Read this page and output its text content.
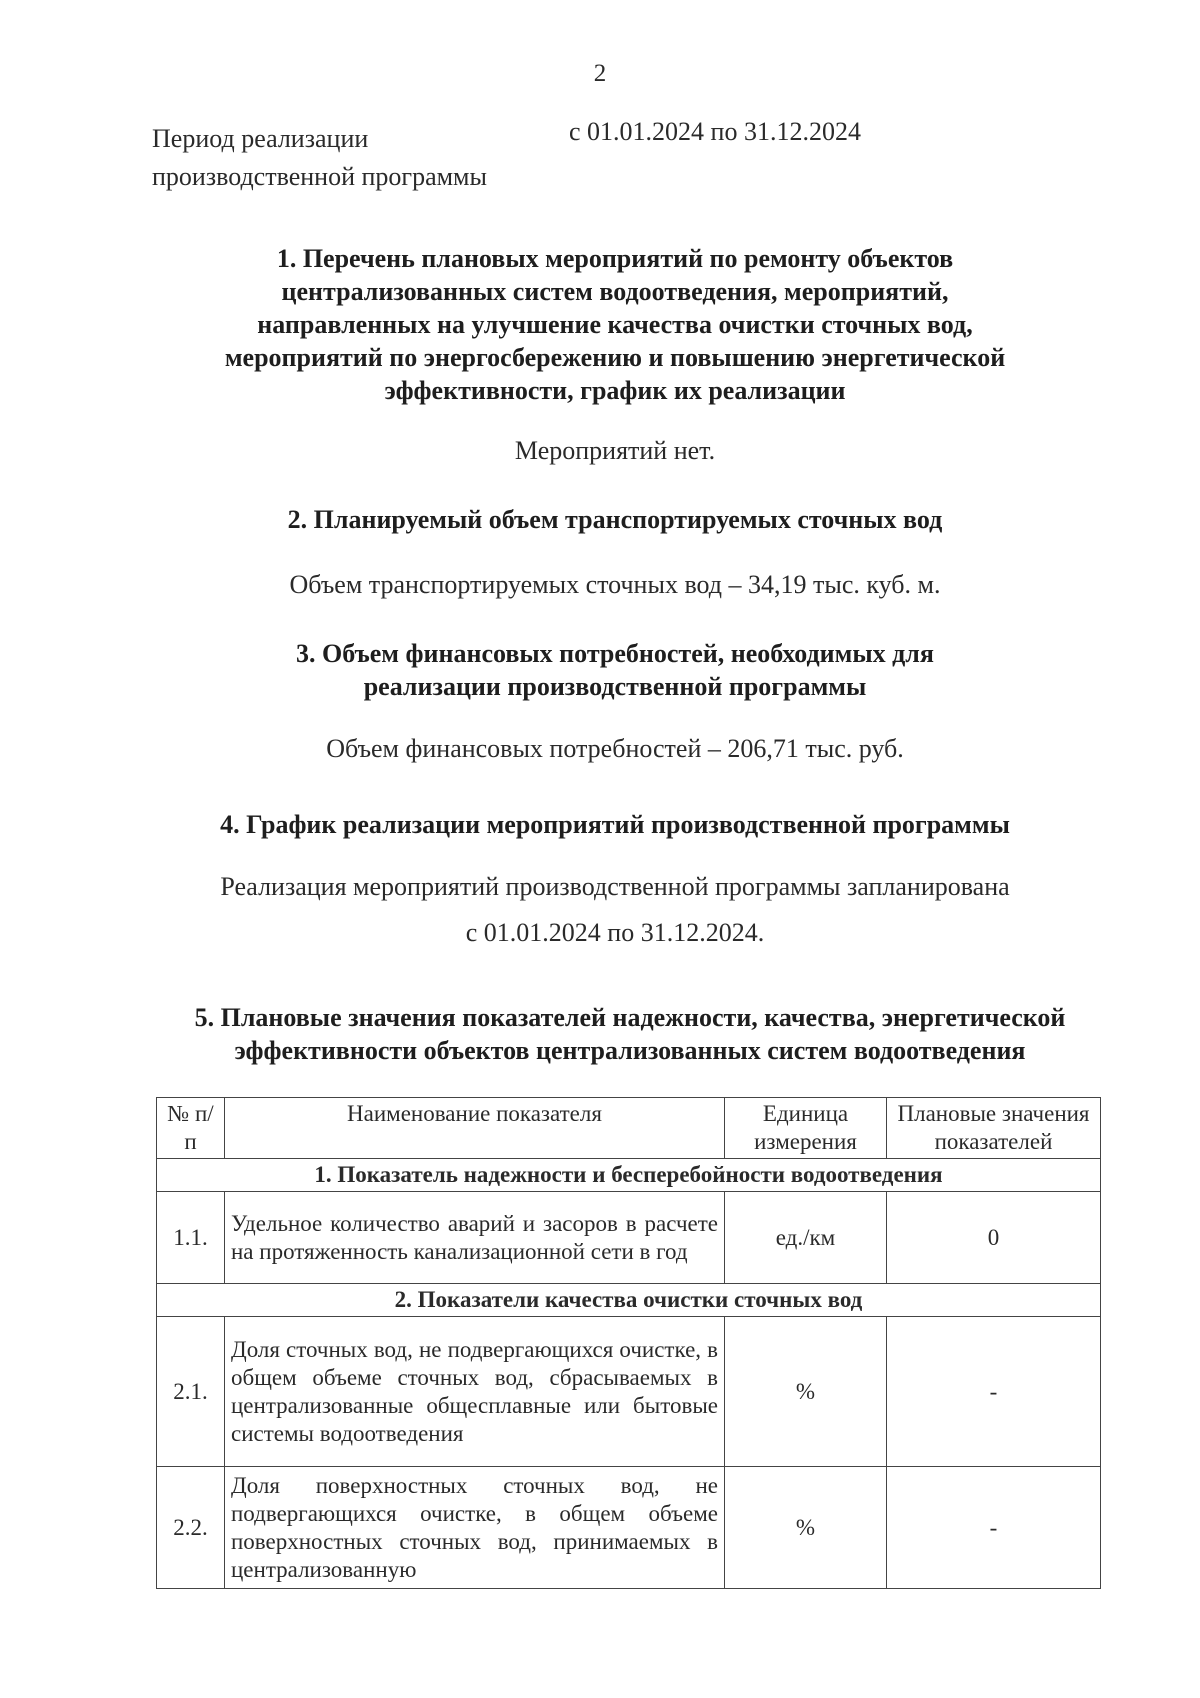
2
Период реализации
производственной программы
с 01.01.2024 по 31.12.2024
1. Перечень плановых мероприятий по ремонту объектов
централизованных систем водоотведения, мероприятий,
направленных на улучшение качества очистки сточных вод,
мероприятий по энергосбережению и повышению энергетической
эффективности, график их реализации
Мероприятий нет.
2. Планируемый объем транспортируемых сточных вод
Объем транспортируемых сточных вод – 34,19 тыс. куб. м.
3. Объем финансовых потребностей, необходимых для
реализации производственной программы
Объем финансовых потребностей – 206,71 тыс. руб.
4. График реализации мероприятий производственной программы
Реализация мероприятий производственной программы запланирована
с 01.01.2024 по 31.12.2024.
5. Плановые значения показателей надежности, качества, энергетической
эффективности объектов централизованных систем водоотведения
№ п/п	Наименование показателя	Единица измерения	Плановые значения показателей
1. Показатель надежности и бесперебойности водоотведения			
1.1.	Удельное количество аварий и засоров в расчете на протяженность канализационной сети в год	ед./км	0
2. Показатели качества очистки сточных вод			
2.1.	Доля сточных вод, не подвергающихся очистке, в общем объеме сточных вод, сбрасываемых в централизованные общесплавные или бытовые системы водоотведения	%	-
2.2.	Доля поверхностных сточных вод, не подвергающихся очистке, в общем объеме поверхностных сточных вод, принимаемых в централизованную	%	-
